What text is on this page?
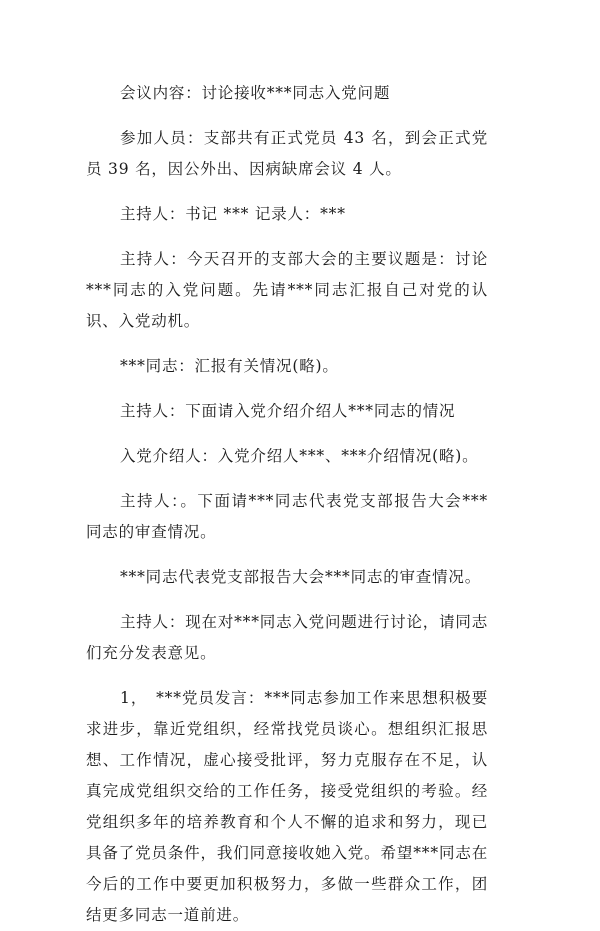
会议内容：讨论接收***同志入党问题

参加人员：支部共有正式党员 43 名，到会正式党员 39 名，因公外出、因病缺席会议 4 人。

主持人：书记 *** 记录人：***

主持人：今天召开的支部大会的主要议题是：讨论***同志的入党问题。先请***同志汇报自己对党的认识、入党动机。

***同志：汇报有关情况(略)。

主持人：下面请入党介绍介绍人***同志的情况

入党介绍人：入党介绍人***、***介绍情况(略)。

主持人：。下面请***同志代表党支部报告大会***同志的审查情况。

***同志代表党支部报告大会***同志的审查情况。

主持人：现在对***同志入党问题进行讨论，请同志们充分发表意见。

1，　***党员发言：***同志参加工作来思想积极要求进步，靠近党组织，经常找党员谈心。想组织汇报思想、工作情况，虚心接受批评，努力克服存在不足，认真完成党组织交给的工作任务，接受党组织的考验。经党组织多年的培养教育和个人不懈的追求和努力，现已具备了党员条件，我们同意接收她入党。希望***同志在今后的工作中要更加积极努力，多做一些群众工作，团结更多同志一道前进。
